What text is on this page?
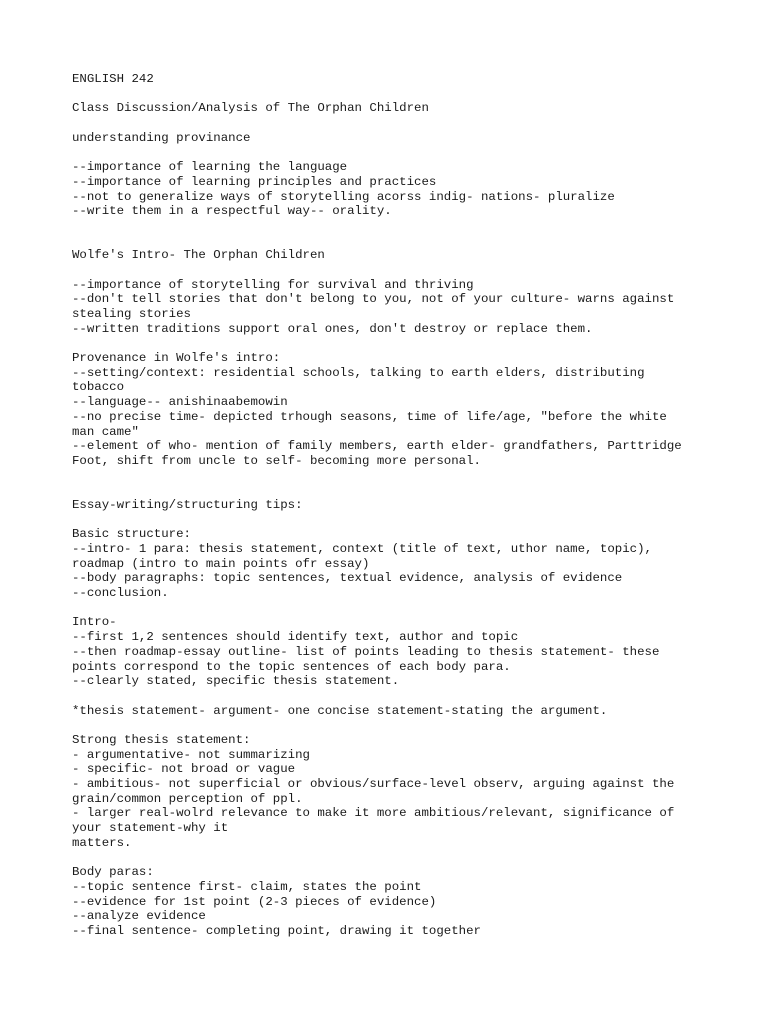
ENGLISH 242
Class Discussion/Analysis of The Orphan Children
understanding provinance
--importance of learning the language
--importance of learning principles and practices
--not to generalize ways of storytelling acorss indig- nations- pluralize
--write them in a respectful way-- orality.
Wolfe's Intro- The Orphan Children
--importance of storytelling for survival and thriving
--don't tell stories that don't belong to you, not of your culture- warns against
stealing stories
--written traditions support oral ones, don't destroy or replace them.
Provenance in Wolfe's intro:
--setting/context: residential schools, talking to earth elders, distributing
tobacco
--language-- anishinaabemowin
--no precise time- depicted trhough seasons, time of life/age, "before the white
man came"
--element of who- mention of family members, earth elder- grandfathers, Parttridge
Foot, shift from uncle to self- becoming more personal.
Essay-writing/structuring tips:
Basic structure:
--intro- 1 para: thesis statement, context (title of text, uthor name, topic),
roadmap (intro to main points ofr essay)
--body paragraphs: topic sentences, textual evidence, analysis of evidence
--conclusion.
Intro-
--first 1,2 sentences should identify text, author and topic
--then roadmap-essay outline- list of points leading to thesis statement- these
points correspond to the topic sentences of each body para.
--clearly stated, specific thesis statement.
*thesis statement- argument- one concise statement-stating the argument.
Strong thesis statement:
- argumentative- not summarizing
- specific- not broad or vague
- ambitious- not superficial or obvious/surface-level observ, arguing against the
grain/common perception of ppl.
- larger real-wolrd relevance to make it more ambitious/relevant, significance of
your statement-why it
matters.
Body paras:
--topic sentence first- claim, states the point
--evidence for 1st point (2-3 pieces of evidence)
--analyze evidence
--final sentence- completing point, drawing it together
